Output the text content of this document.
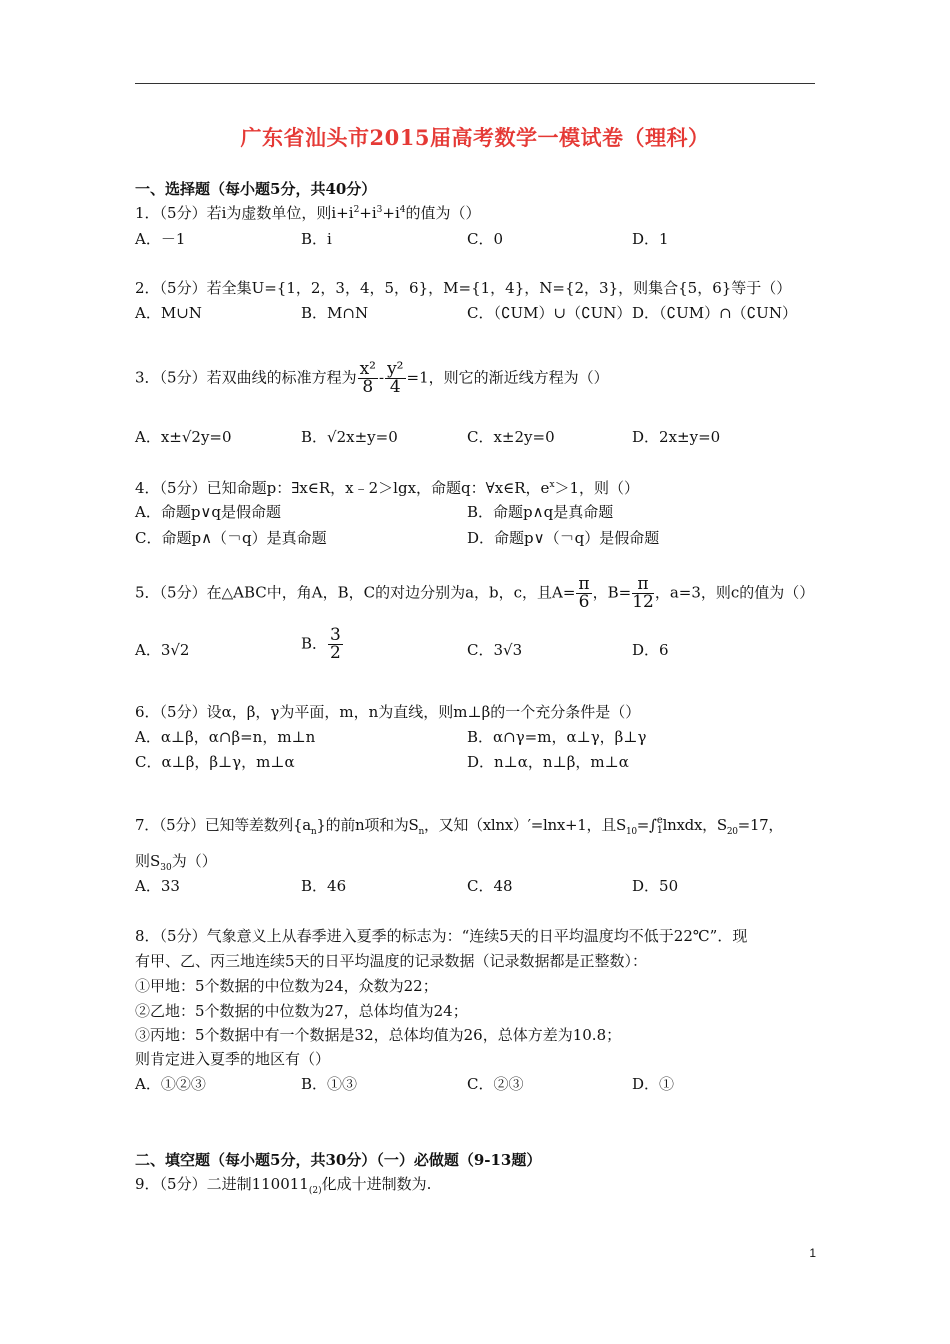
广东省汕头市2015届高考数学一模试卷（理科）
一、选择题（每小题5分，共40分）
1．（5分）若i为虚数单位，则$i+i^2+i^3+i^4$的值为（）
A．－1	B．i	C．0	D．1
2．（5分）若全集U={1，2，3，4，5，6}，M={1，4}，N={2，3}，则集合{5，6}等于（）
A．M∪N	B．M∩N	C．（∁UM）∪（∁UN） D．（∁UM）∩（∁UN）
3．（5分）若双曲线的标准方程为 $\frac{\text{x²}}{8} - \frac{\text{y²}}{4} =1$，则它的渐近线方程为（）
A．x±√2y=0	B．√2x±y=0	C．x±2y=0	D．2x±y=0
4．（5分）已知命题p：∃x∈R，x﹣2＞lgx，命题q：∀x∈R，$e^x>1$，则（）
A．命题p∨q是假命题	B．命题p∧q是真命题
C．命题p∧（￢q）是真命题	D．命题p∨（￢q）是假命题
5．（5分）在△ABC中，角A，B，C的对边分别为a，b，c，且$A= \frac{\pi}{6}$ ，$B= \frac{\pi}{12}$ ，a=3，则c的值为（）
A．3√2	B． $\frac{3}{2}$	C．3√3	D．6
6．（5分）设α，β，γ为平面，m，n为直线，则m⊥β的一个充分条件是（）
A．α⊥β，α∩β=n，m⊥n	B．α∩γ=m，α⊥γ，β⊥γ
C．α⊥β，β⊥γ，m⊥α	D．n⊥α，n⊥β，m⊥α
7．（5分）已知等差数列$\{a_n\}$的前n项和为$S_n$，又知（xlnx）′=lnx+1，且$S_{10}=\int$ e
1 lnxdx，$S_{20}=17$，
则$S_{30}$为（）
A．33	B．46	C．48	D．50
8．（5分）气象意义上从春季进入夏季的标志为：“连续5天的日平均温度均不低于22℃”．现
有甲、乙、丙三地连续5天的日平均温度的记录数据（记录数据都是正整数）：
①甲地：5个数据的中位数为24，众数为22；
②乙地：5个数据的中位数为27，总体均值为24；
③丙地：5个数据中有一个数据是32，总体均值为26，总体方差为10.8；
则肯定进入夏季的地区有（）
A．①②③	B．①③	C．②③	D．①
二、填空题（每小题5分，共30分）（一）必做题（9-13题）
9．（5分）二进制$110011_{(2)}$化成十进制数为.
1
